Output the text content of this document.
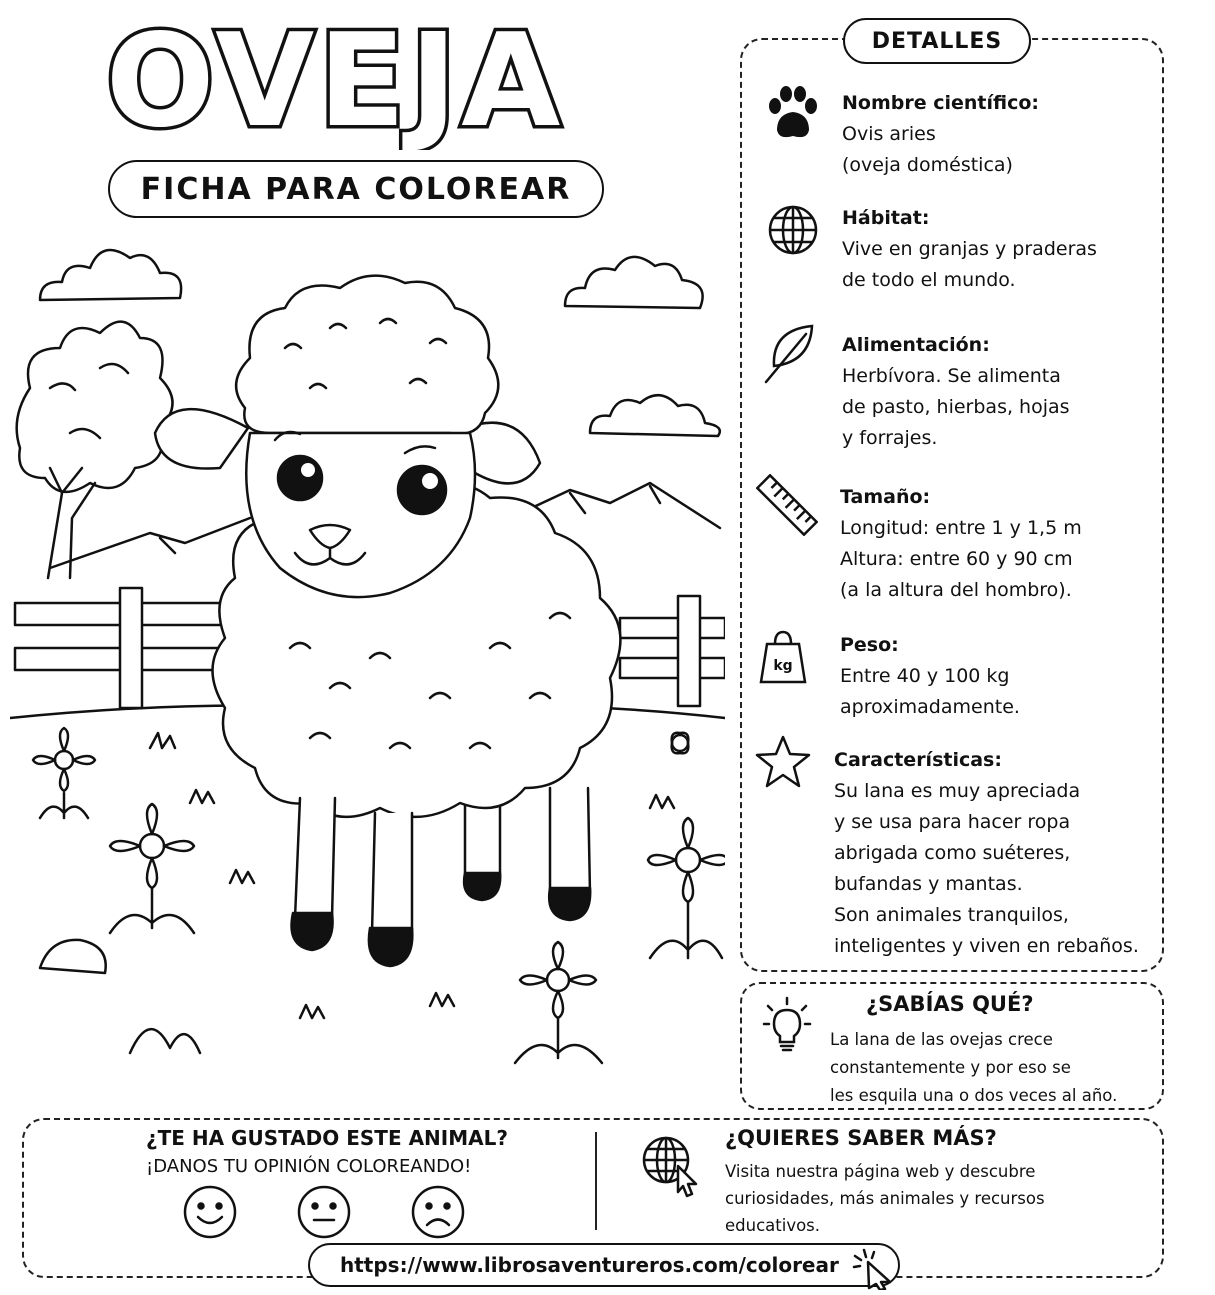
OVEJA
FICHA PARA COLOREAR
DETALLES
Nombre científico:
Ovis aries
(oveja doméstica)
Hábitat:
Vive en granjas y praderas
de todo el mundo.
Alimentación:
Herbívora. Se alimenta
de pasto, hierbas, hojas
y forrajes.
Tamaño:
Longitud: entre 1 y 1,5 m
Altura: entre 60 y 90 cm
(a la altura del hombro).
kg
Peso:
Entre 40 y 100 kg
aproximadamente.
Características:
Su lana es muy apreciada
y se usa para hacer ropa
abrigada como suéteres,
bufandas y mantas.
Son animales tranquilos,
inteligentes y viven en rebaños.
¿SABÍAS QUÉ?
La lana de las ovejas crece
constantemente y por eso se
les esquila una o dos veces al año.
¿TE HA GUSTADO ESTE ANIMAL?
¡DANOS TU OPINIÓN COLOREANDO!
¿QUIERES SABER MÁS?
Visita nuestra página web y descubre
curiosidades, más animales y recursos
educativos.
https://www.librosaventureros.com/colorear
